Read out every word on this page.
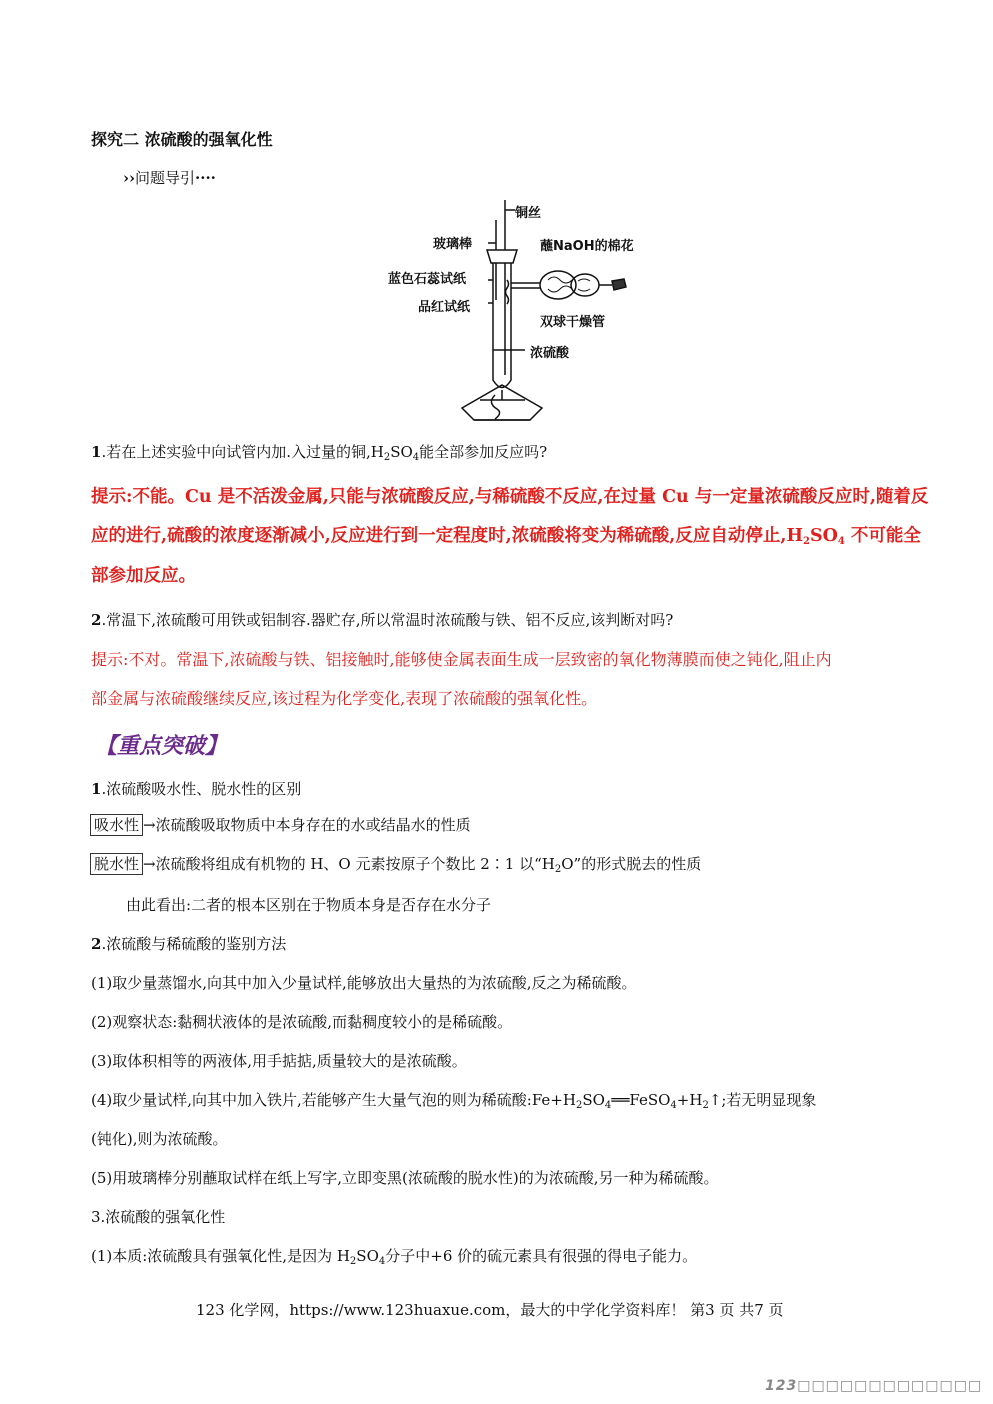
探究二 浓硫酸的强氧化性
››问题导引····
铜丝
玻璃棒	蘸NaOH的棉花
蓝色石蕊试纸
品红试纸
双球干燥管
浓硫酸
1.若在上述实验中向试管内加.入过量的铜$,H_2SO_4$能全部参加反应吗?
提示:不能。Cu 是不活泼金属,只能与浓硫酸反应,与稀硫酸不反应,在过量 Cu 与一定量浓硫酸反应时,随着反
应的进行,硫酸的浓度逐渐减小,反应进行到一定程度时,浓硫酸将变为稀硫酸,反应自动停止$,H_2SO_4$ 不可能全
部参加反应。
2.常温下,浓硫酸可用铁或铝制容.器贮存,所以常温时浓硫酸与铁、铝不反应,该判断对吗?
提示:不对。常温下,浓硫酸与铁、铝接触时,能够使金属表面生成一层致密的氧化物薄膜而使之钝化,阻止内
部金属与浓硫酸继续反应,该过程为化学变化,表现了浓硫酸的强氧化性。
【重点突破】
1.浓硫酸吸水性、脱水性的区别
吸水性 →浓硫酸吸取物质中本身存在的水或结晶水的性质
脱水性 →浓硫酸将组成有机物的 H、O 元素按原子个数比 2∶1 以“$H_2O$”的形式脱去的性质
由此看出:二者的根本区别在于物质本身是否存在水分子
2.浓硫酸与稀硫酸的鉴别方法
(1)取少量蒸馏水,向其中加入少量试样,能够放出大量热的为浓硫酸,反之为稀硫酸。
(2)观察状态:黏稠状液体的是浓硫酸,而黏稠度较小的是稀硫酸。
(3)取体积相等的两液体,用手掂掂,质量较大的是浓硫酸。
(4)取少量试样,向其中加入铁片,若能够产生大量气泡的则为稀硫酸$:Fe+H_2SO_4══FeSO_4+H_2↑$;若无明显现象
(钝化),则为浓硫酸。
(5)用玻璃棒分别蘸取试样在纸上写字,立即变黑(浓硫酸的脱水性)的为浓硫酸,另一种为稀硫酸。
3.浓硫酸的强氧化性
(1)本质:浓硫酸具有强氧化性,是因为 $H_2SO_4$分子中+6 价的硫元素具有很强的得电子能力。
123 化学网，https://www.123huaxue.com，最大的中学化学资料库！ 第3 页 共7 页
123□□□□□□□□□□□□□
